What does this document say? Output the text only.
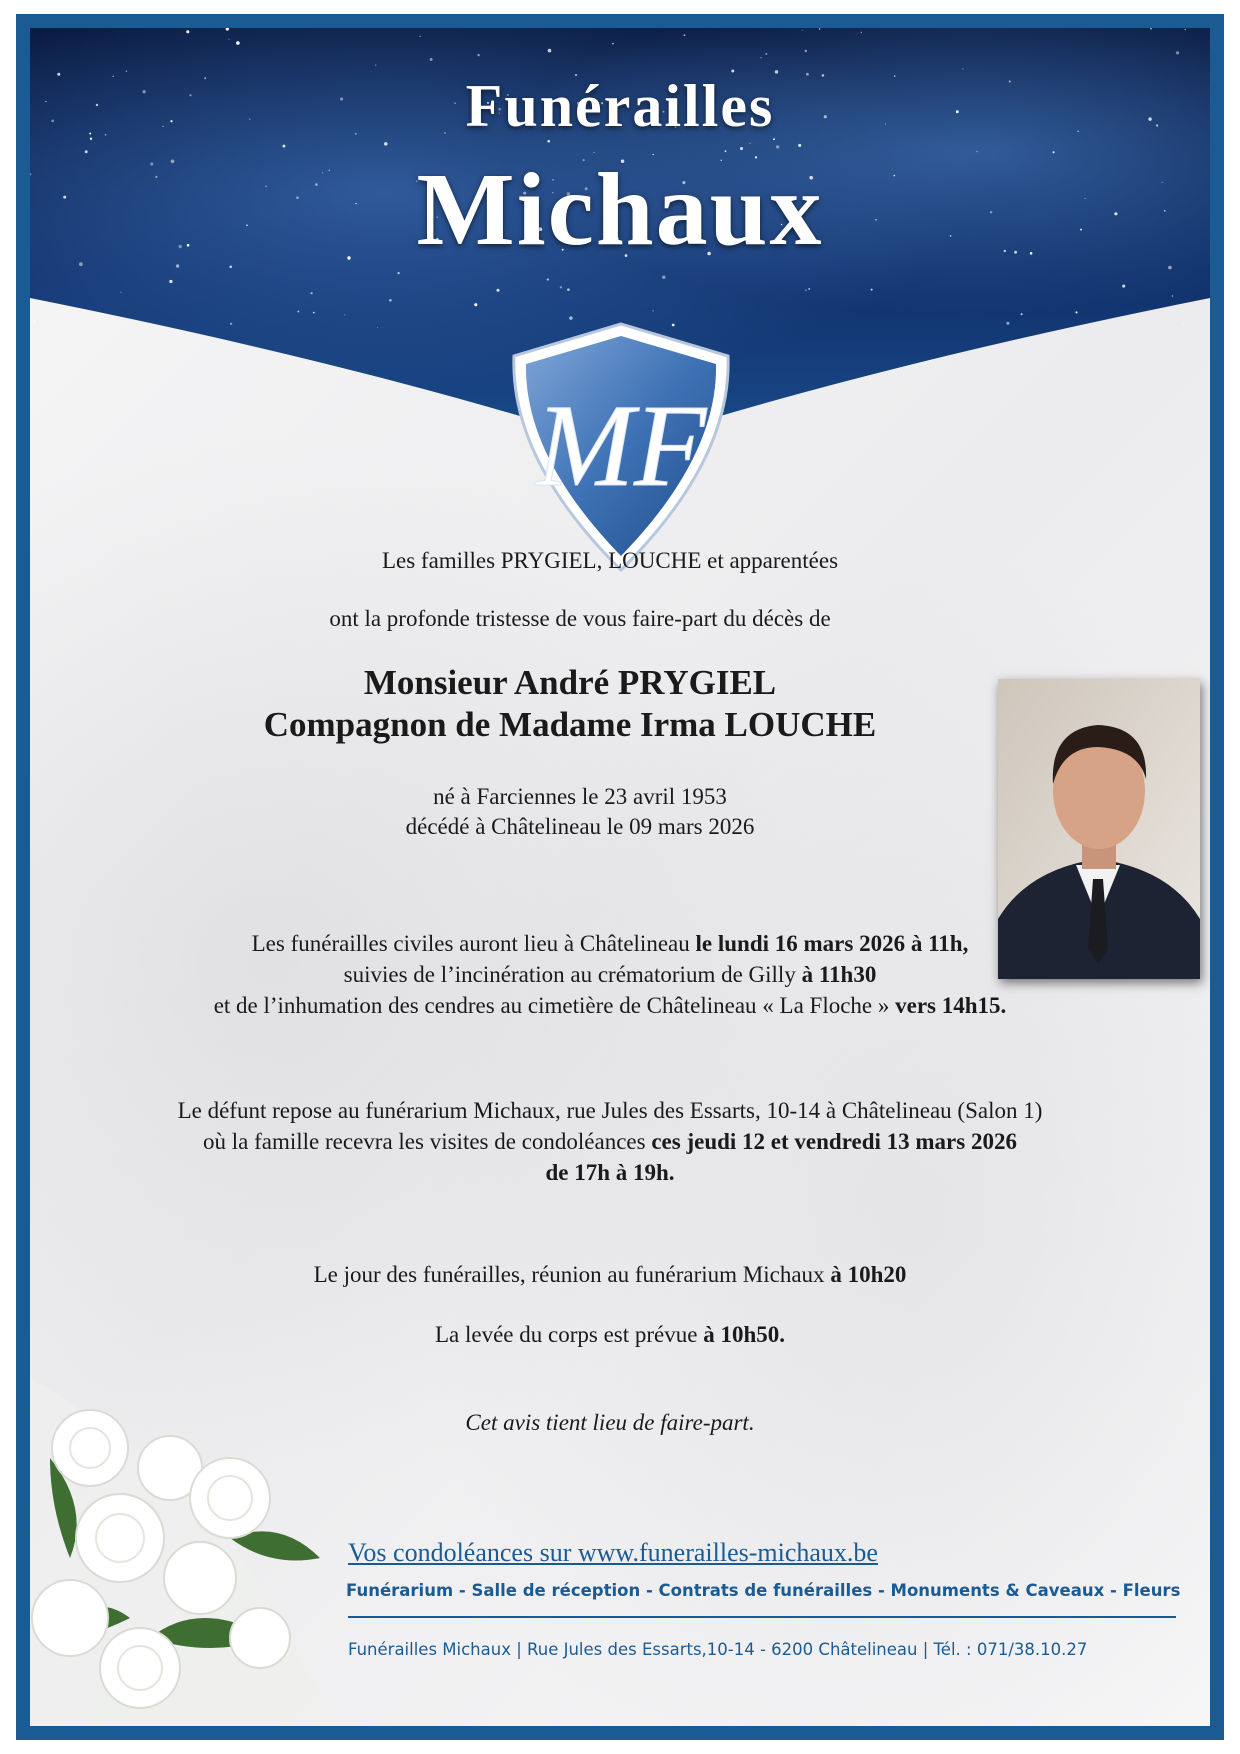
Funérailles

Michaux

MF

Les familles PRYGIEL, LOUCHE et apparentées

ont la profonde tristesse de vous faire-part du décès de

Monsieur André PRYGIEL

Compagnon de Madame Irma LOUCHE

né à Farciennes le 23 avril 1953

décédé à Châtelineau le 09 mars 2026

Les funérailles civiles auront lieu à Châtelineau le lundi 16 mars 2026 à 11h,

suivies de l’incinération au crématorium de Gilly à 11h30

et de l’inhumation des cendres au cimetière de Châtelineau « La Floche » vers 14h15.

Le défunt repose au funérarium Michaux, rue Jules des Essarts, 10-14 à Châtelineau (Salon 1)

où la famille recevra les visites de condoléances ces jeudi 12 et vendredi 13 mars 2026

de 17h à 19h.

Le jour des funérailles, réunion au funérarium Michaux à 10h20

La levée du corps est prévue à 10h50.

Cet avis tient lieu de faire-part.

Vos condoléances sur www.funerailles-michaux.be

Funérarium - Salle de réception - Contrats de funérailles - Monuments & Caveaux - Fleurs

Funérailles Michaux | Rue Jules des Essarts,10-14 - 6200 Châtelineau | Tél. : 071/38.10.27
